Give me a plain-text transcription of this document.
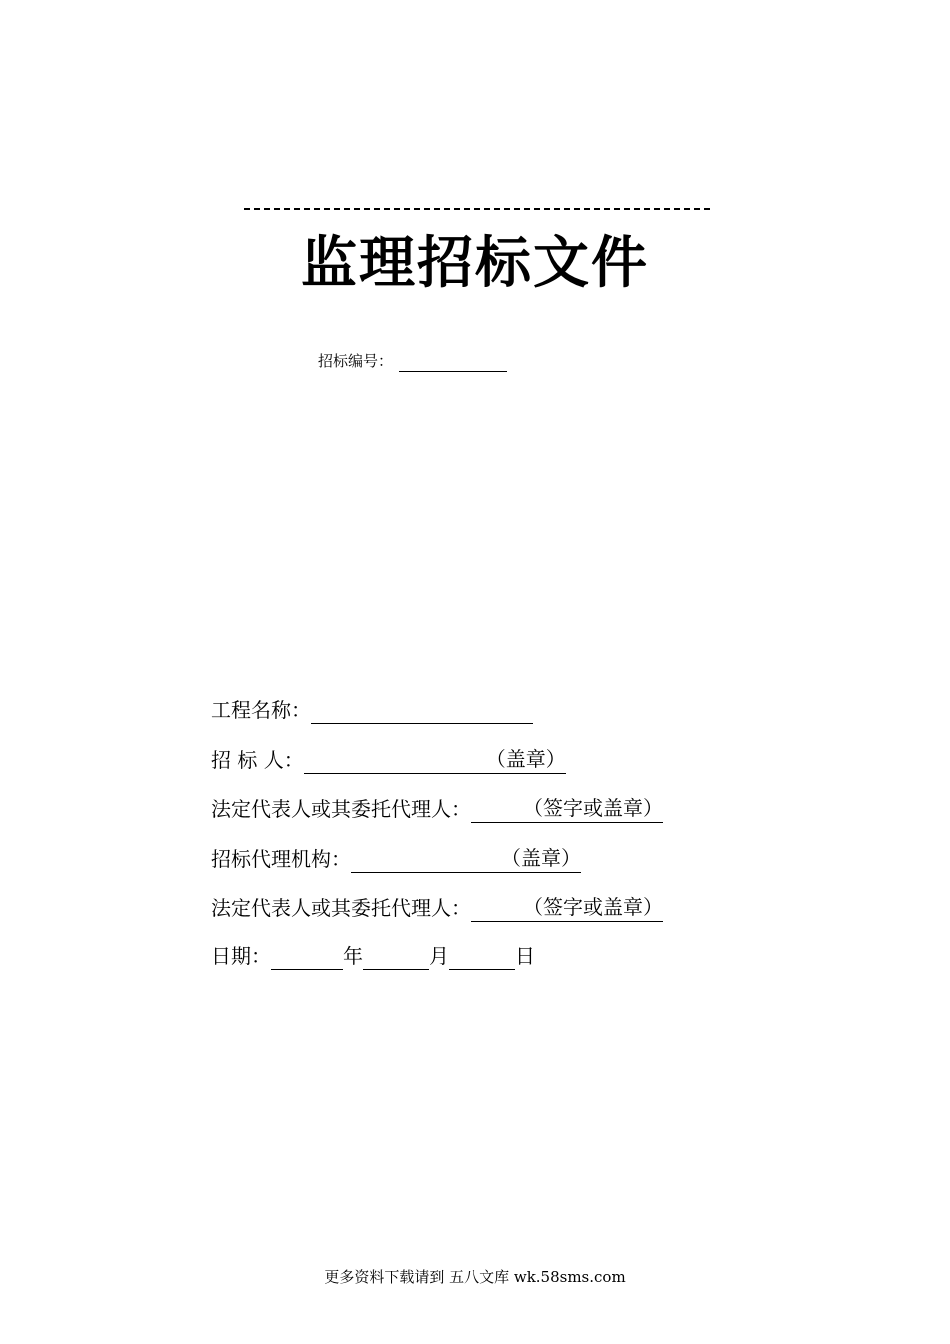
监理招标文件
招标编号：
工程名称：
招 标 人：	（盖章）
法定代表人或其委托代理人：	（签字或盖章）
招标代理机构：	（盖章）
法定代表人或其委托代理人：	（签字或盖章）
日期：	年	月	日
更多资料下载请到 五八文库 wk.58sms.com
